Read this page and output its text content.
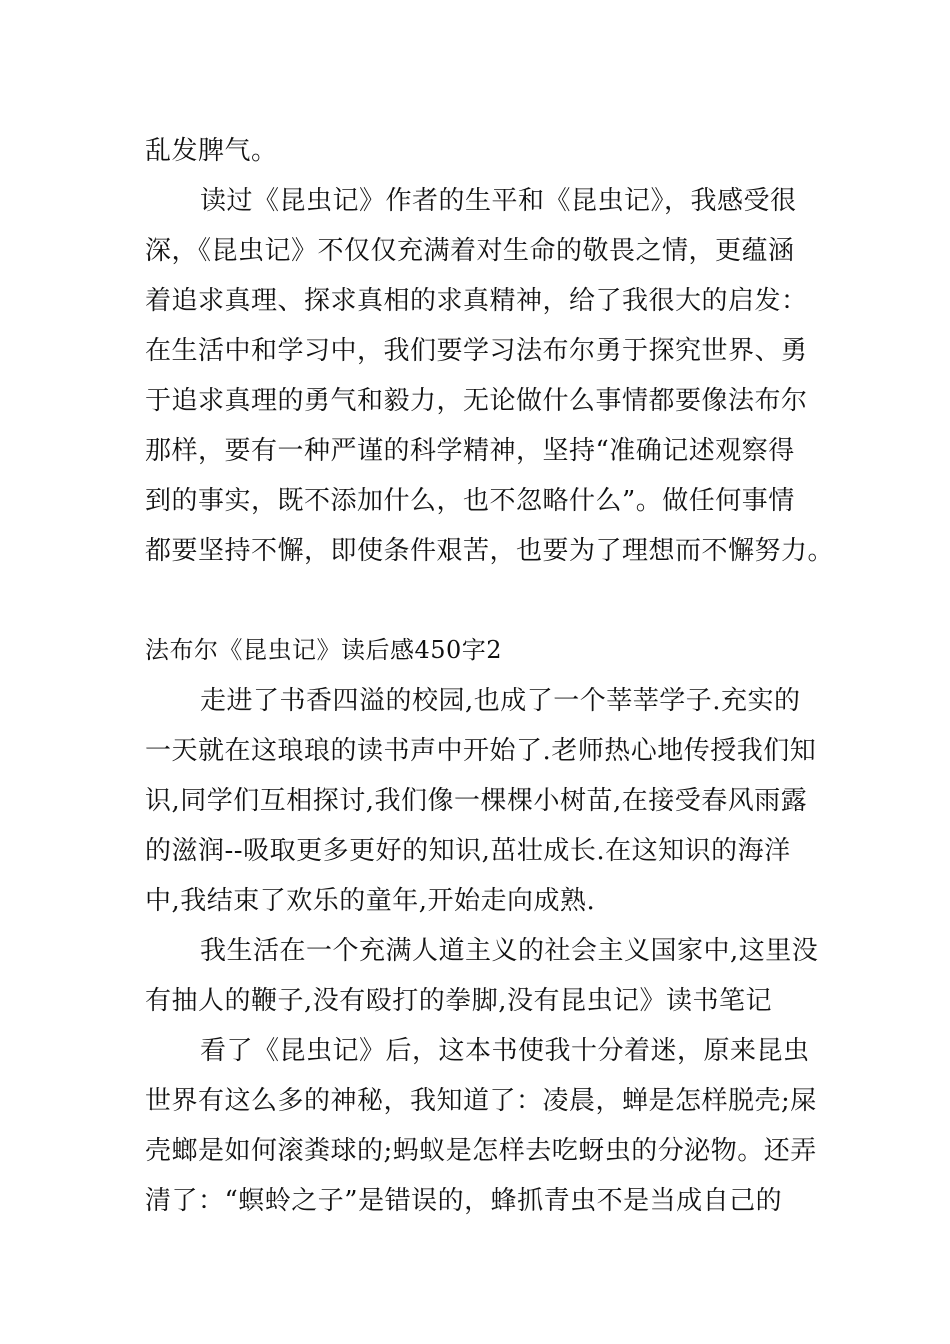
乱发脾气。
读过《昆虫记》作者的生平和《昆虫记》，我感受很
深，《昆虫记》不仅仅充满着对生命的敬畏之情，更蕴涵
着追求真理、探求真相的求真精神，给了我很大的启发：
在生活中和学习中，我们要学习法布尔勇于探究世界、勇
于追求真理的勇气和毅力，无论做什么事情都要像法布尔
那样，要有一种严谨的科学精神，坚持“准确记述观察得
到的事实，既不添加什么，也不忽略什么”。做任何事情
都要坚持不懈，即使条件艰苦，也要为了理想而不懈努力。
法布尔《昆虫记》读后感450字2
走进了书香四溢的校园,也成了一个莘莘学子.充实的
一天就在这琅琅的读书声中开始了.老师热心地传授我们知
识,同学们互相探讨,我们像一棵棵小树苗,在接受春风雨露
的滋润--吸取更多更好的知识,茁壮成长.在这知识的海洋
中,我结束了欢乐的童年,开始走向成熟.
我生活在一个充满人道主义的社会主义国家中,这里没
有抽人的鞭子,没有殴打的拳脚,没有昆虫记》读书笔记
看了《昆虫记》后，这本书使我十分着迷，原来昆虫
世界有这么多的神秘，我知道了：凌晨，蝉是怎样脱壳;屎
壳螂是如何滚粪球的;蚂蚁是怎样去吃蚜虫的分泌物。还弄
清了：“螟蛉之子”是错误的，蜂抓青虫不是当成自己的
